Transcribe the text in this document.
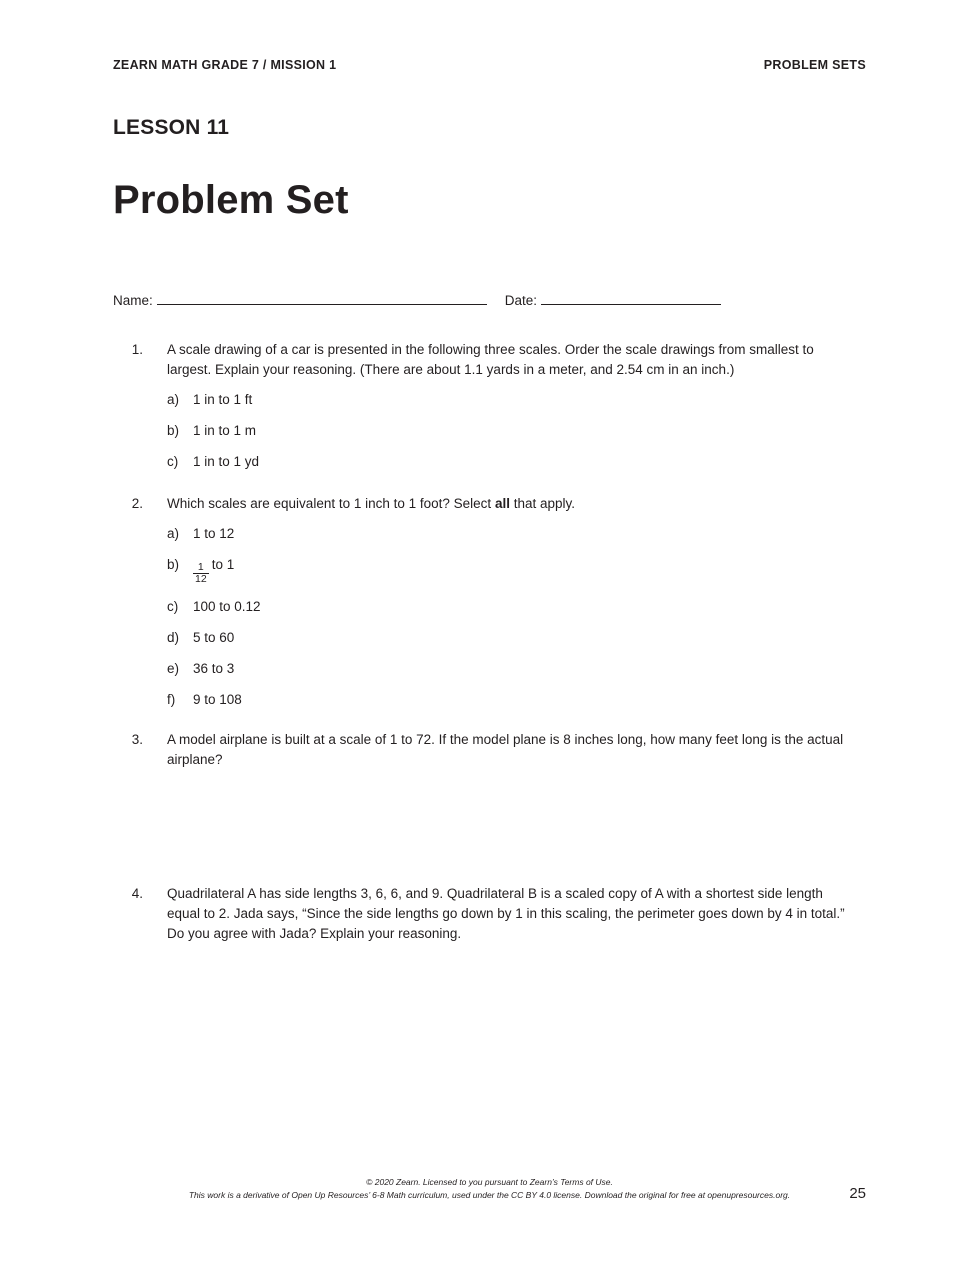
ZEARN MATH GRADE 7 / MISSION 1	PROBLEM SETS
LESSON 11
Problem Set
Name:	Date:
1. A scale drawing of a car is presented in the following three scales. Order the scale drawings from smallest to largest. Explain your reasoning. (There are about 1.1 yards in a meter, and 2.54 cm in an inch.)
a)	1 in to 1 ft
b)	1 in to 1 m
c)	1 in to 1 yd
2. Which scales are equivalent to 1 inch to 1 foot? Select all that apply.
a)	1 to 12
b)	$\frac{1}{12}$ to 1
c)	100 to 0.12
d)	5 to 60
e)	36 to 3
f)	9 to 108
3. A model airplane is built at a scale of 1 to 72. If the model plane is 8 inches long, how many feet long is the actual airplane?
4. Quadrilateral A has side lengths 3, 6, 6, and 9. Quadrilateral B is a scaled copy of A with a shortest side length equal to 2. Jada says, “Since the side lengths go down by 1 in this scaling, the perimeter goes down by 4 in total.” Do you agree with Jada? Explain your reasoning.
© 2020 Zearn. Licensed to you pursuant to Zearn’s Terms of Use.
This work is a derivative of Open Up Resources’ 6-8 Math curriculum, used under the CC BY 4.0 license. Download the original for free at openupresources.org.	25
